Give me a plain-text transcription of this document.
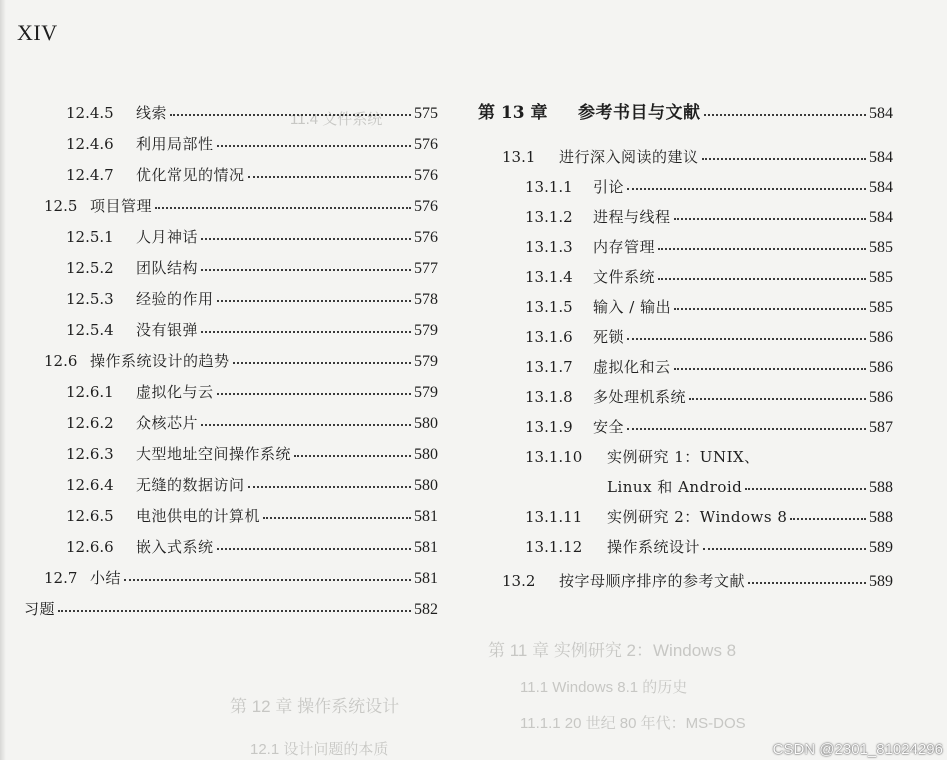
11.4 文件系统
第 12 章 操作系统设计
第 11 章 实例研究 2：Windows 8
12.1 设计问题的本质
11.1 Windows 8.1 的历史
11.1.1 20 世纪 80 年代：MS-DOS
XIV
12.4.5	线索	575
12.4.6	利用局部性	576
12.4.7	优化常见的情况	576
12.5 项目管理	576
12.5.1	人月神话	576
12.5.2	团队结构	577
12.5.3	经验的作用	578
12.5.4	没有银弹	579
12.6 操作系统设计的趋势	579
12.6.1	虚拟化与云	579
12.6.2	众核芯片	580
12.6.3	大型地址空间操作系统	580
12.6.4	无缝的数据访问	580
12.6.5	电池供电的计算机	581
12.6.6	嵌入式系统	581
12.7 小结	581
习题	582
第 13 章	参考书目与文献	584
13.1	进行深入阅读的建议	584
13.1.1	引论	584
13.1.2	进程与线程	584
13.1.3	内存管理	585
13.1.4	文件系统	585
13.1.5	输入 / 输出	585
13.1.6	死锁	586
13.1.7	虚拟化和云	586
13.1.8	多处理机系统	586
13.1.9	安全	587
13.1.10	实例研究 1：UNIX、
Linux 和 Android	588
13.1.11	实例研究 2：Windows 8	588
13.1.12	操作系统设计	589
13.2	按字母顺序排序的参考文献	589
CSDN @2301_81024296
